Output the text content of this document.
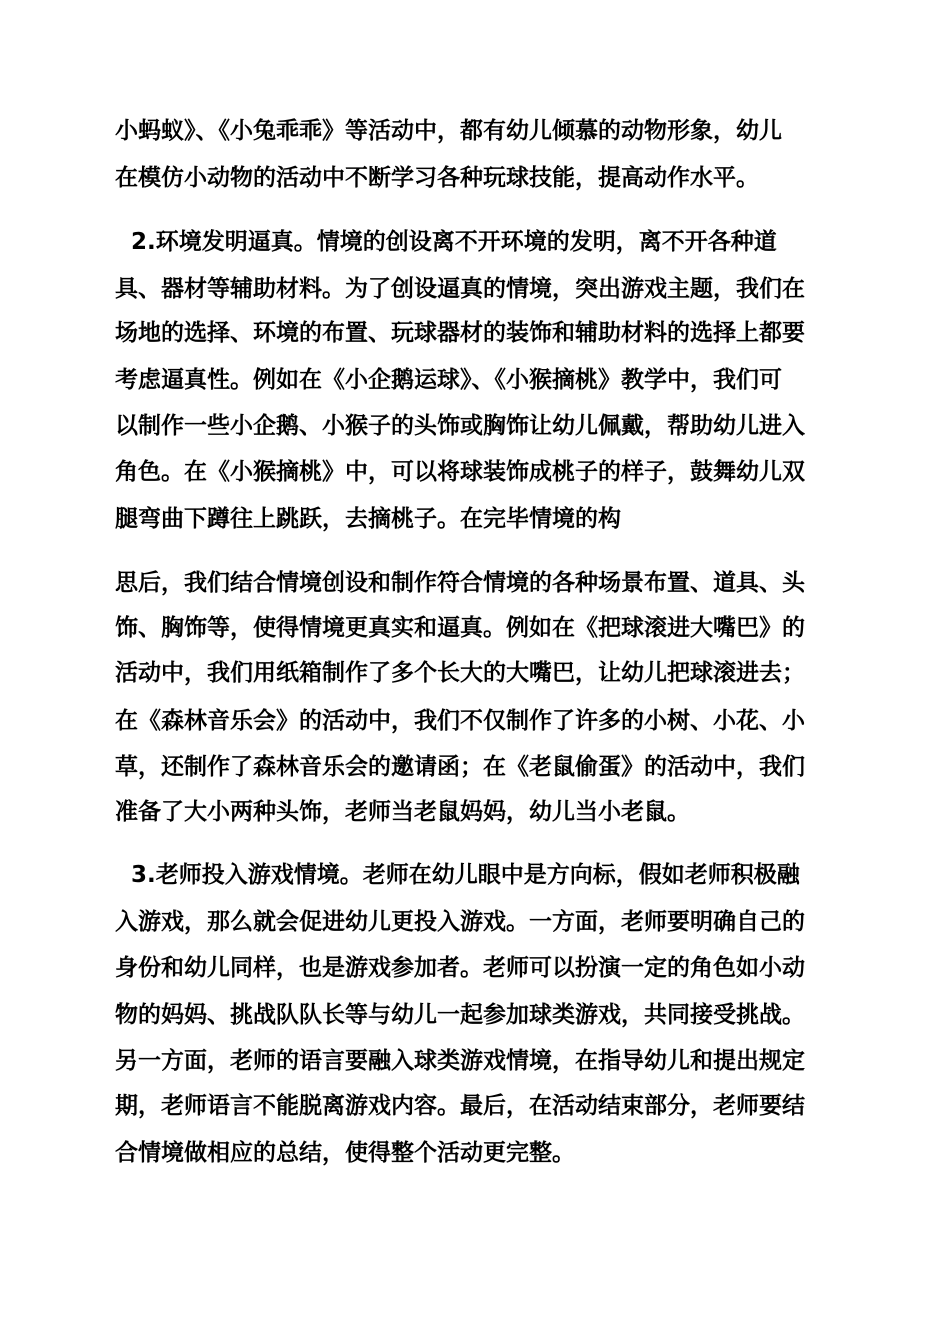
小蚂蚁》、《小兔乖乖》等活动中，都有幼儿倾慕的动物形象，幼儿

在模仿小动物的活动中不断学习各种玩球技能，提高动作水平。

2.环境发明逼真。情境的创设离不开环境的发明，离不开各种道

具、器材等辅助材料。为了创设逼真的情境，突出游戏主题，我们在

场地的选择、环境的布置、玩球器材的装饰和辅助材料的选择上都要

考虑逼真性。例如在《小企鹅运球》、《小猴摘桃》教学中，我们可

以制作一些小企鹅、小猴子的头饰或胸饰让幼儿佩戴，帮助幼儿进入

角色。在《小猴摘桃》中，可以将球装饰成桃子的样子，鼓舞幼儿双

腿弯曲下蹲往上跳跃，去摘桃子。在完毕情境的构

思后，我们结合情境创设和制作符合情境的各种场景布置、道具、头

饰、胸饰等，使得情境更真实和逼真。例如在《把球滚进大嘴巴》的

活动中，我们用纸箱制作了多个长大的大嘴巴，让幼儿把球滚进去；

在《森林音乐会》的活动中，我们不仅制作了许多的小树、小花、小

草，还制作了森林音乐会的邀请函；在《老鼠偷蛋》的活动中，我们

准备了大小两种头饰，老师当老鼠妈妈，幼儿当小老鼠。

3.老师投入游戏情境。老师在幼儿眼中是方向标，假如老师积极融

入游戏，那么就会促进幼儿更投入游戏。一方面，老师要明确自己的

身份和幼儿同样，也是游戏参加者。老师可以扮演一定的角色如小动

物的妈妈、挑战队队长等与幼儿一起参加球类游戏，共同接受挑战。

另一方面，老师的语言要融入球类游戏情境，在指导幼儿和提出规定

期，老师语言不能脱离游戏内容。最后，在活动结束部分，老师要结

合情境做相应的总结，使得整个活动更完整。
